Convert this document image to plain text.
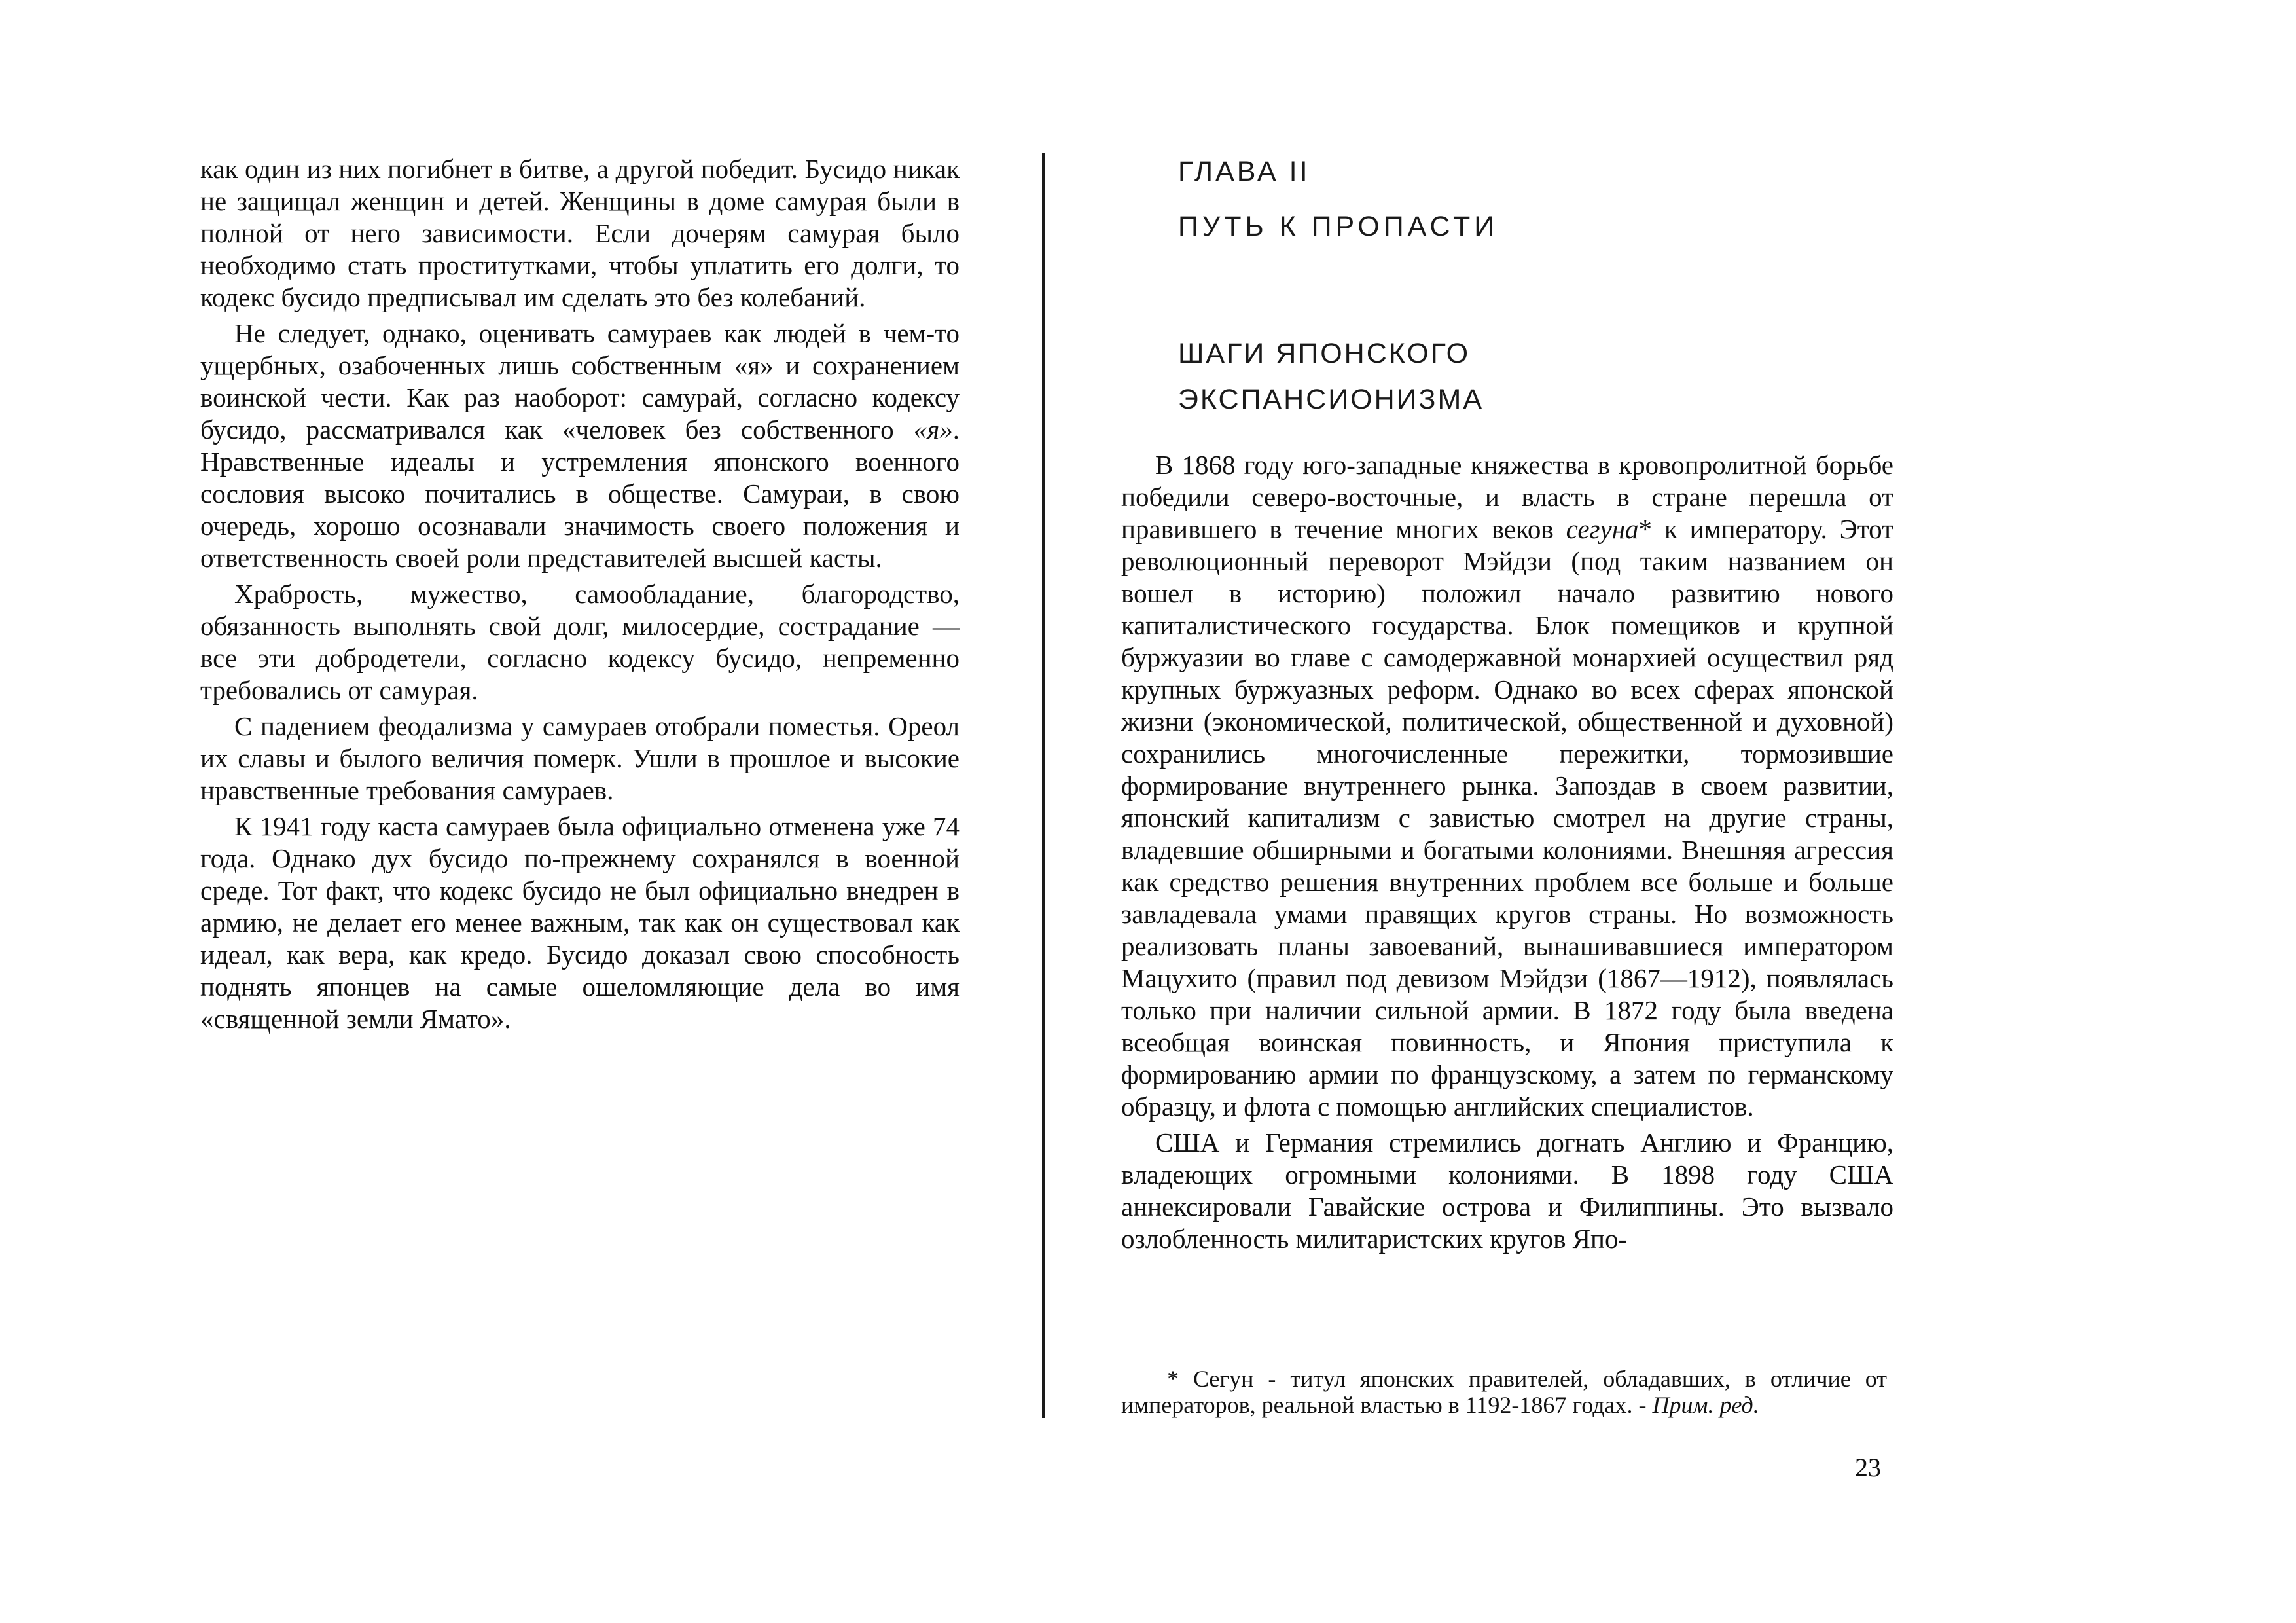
как один из них погибнет в битве, а другой победит. Бусидо никак не защищал женщин и детей. Женщины в доме самурая были в полной от него зависимости. Если дочерям самурая было необходимо стать проститутками, чтобы уплатить его долги, то кодекс бусидо предписывал им сделать это без колебаний.

Не следует, однако, оценивать самураев как людей в чем-то ущербных, озабоченных лишь собственным «я» и сохранением воинской чести. Как раз наоборот: самурай, согласно кодексу бусидо, рассматривался как «человек без собственного «я». Нравственные идеалы и устремления японского военного сословия высоко почитались в обществе. Самураи, в свою очередь, хорошо осознавали значимость своего положения и ответственность своей роли представителей высшей касты.

Храбрость, мужество, самообладание, благородство, обязанность выполнять свой долг, милосердие, сострадание — все эти добродетели, согласно кодексу бусидо, непременно требовались от самурая.

С падением феодализма у самураев отобрали поместья. Ореол их славы и былого величия померк. Ушли в прошлое и высокие нравственные требования самураев.

К 1941 году каста самураев была официально отменена уже 74 года. Однако дух бусидо по-прежнему сохранялся в военной среде. Тот факт, что кодекс бусидо не был официально внедрен в армию, не делает его менее важным, так как он существовал как идеал, как вера, как кредо. Бусидо доказал свою способность поднять японцев на самые ошеломляющие дела во имя «священной земли Ямато».

ГЛАВА II
ПУТЬ К ПРОПАСТИ
ШАГИ ЯПОНСКОГО
ЭКСПАНСИОНИЗМА

В 1868 году юго-западные княжества в кровопролитной борьбе победили северо-восточные, и власть в стране перешла от правившего в течение многих веков сегуна* к императору. Этот революционный переворот Мэйдзи (под таким названием он вошел в историю) положил начало развитию нового капиталистического государства. Блок помещиков и крупной буржуазии во главе с самодержавной монархией осуществил ряд крупных буржуазных реформ. Однако во всех сферах японской жизни (экономической, политической, общественной и духовной) сохранились многочисленные пережитки, тормозившие формирование внутреннего рынка. Запоздав в своем развитии, японский капитализм с завистью смотрел на другие страны, владевшие обширными и богатыми колониями. Внешняя агрессия как средство решения внутренних проблем все больше и больше завладевала умами правящих кругов страны. Но возможность реализовать планы завоеваний, вынашивавшиеся императором Мацухито (правил под девизом Мэйдзи (1867—1912), появлялась только при наличии сильной армии. В 1872 году была введена всеобщая воинская повинность, и Япония приступила к формированию армии по французскому, а затем по германскому образцу, и флота с помощью английских специалистов.

США и Германия стремились догнать Англию и Францию, владеющих огромными колониями. В 1898 году США аннексировали Гавайские острова и Филиппины. Это вызвало озлобленность милитаристских кругов Япо-

* Сегун - титул японских правителей, обладавших, в отличие от императоров, реальной властью в 1192-1867 годах. - Прим. ред.

23
